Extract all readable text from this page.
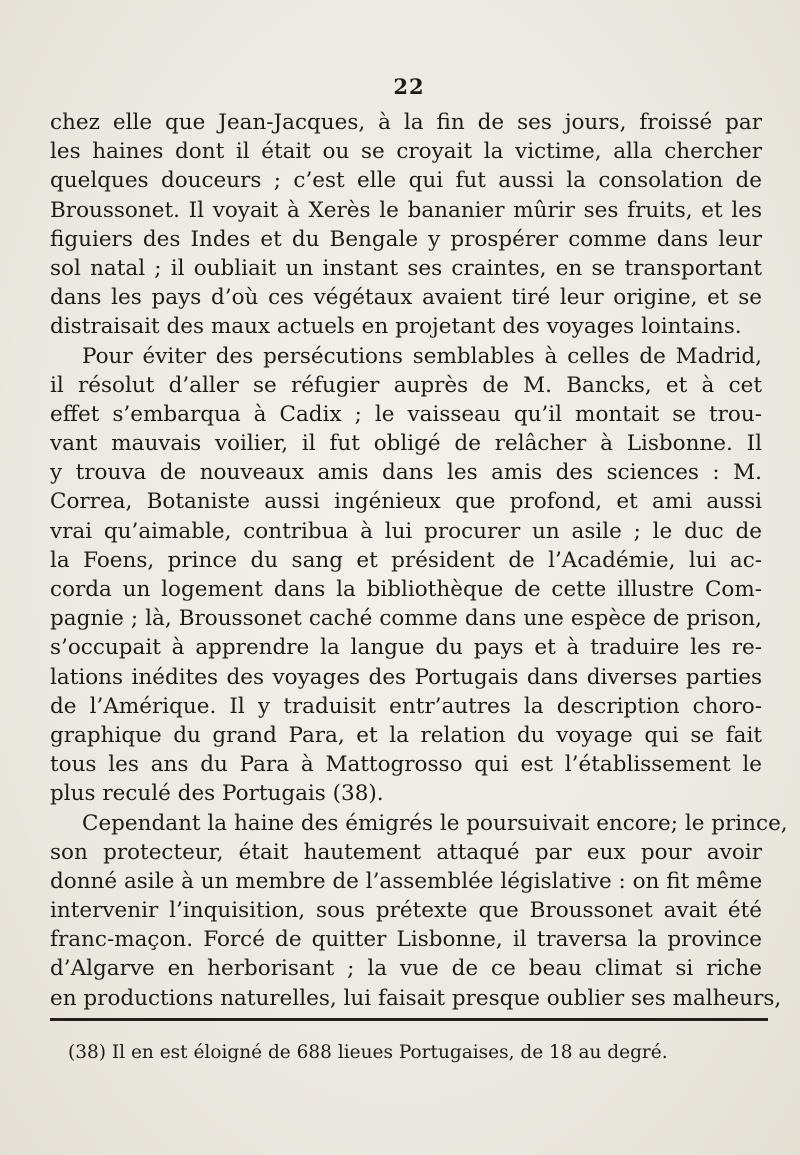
22
chez elle que Jean-Jacques, à la fin de ses jours, froissé par
les haines dont il était ou se croyait la victime, alla chercher
quelques douceurs ; c’est elle qui fut aussi la consolation de
Broussonet. Il voyait à Xerès le bananier mûrir ses fruits, et les
figuiers des Indes et du Bengale y prospérer comme dans leur
sol natal ; il oubliait un instant ses craintes, en se transportant
dans les pays d’où ces végétaux avaient tiré leur origine, et se
distraisait des maux actuels en projetant des voyages lointains.
Pour éviter des persécutions semblables à celles de Madrid,
il résolut d’aller se réfugier auprès de M. Bancks, et à cet
effet s’embarqua à Cadix ; le vaisseau qu’il montait se trou-
vant mauvais voilier, il fut obligé de relâcher à Lisbonne. Il
y trouva de nouveaux amis dans les amis des sciences : M.
Correa, Botaniste aussi ingénieux que profond, et ami aussi
vrai qu’aimable, contribua à lui procurer un asile ; le duc de
la Foens, prince du sang et président de l’Académie, lui ac-
corda un logement dans la bibliothèque de cette illustre Com-
pagnie ; là, Broussonet caché comme dans une espèce de prison,
s’occupait à apprendre la langue du pays et à traduire les re-
lations inédites des voyages des Portugais dans diverses parties
de l’Amérique. Il y traduisit entr’autres la description choro-
graphique du grand Para, et la relation du voyage qui se fait
tous les ans du Para à Mattogrosso qui est l’établissement le
plus reculé des Portugais (38).
Cependant la haine des émigrés le poursuivait encore; le prince,
son protecteur, était hautement attaqué par eux pour avoir
donné asile à un membre de l’assemblée législative : on fit même
intervenir l’inquisition, sous prétexte que Broussonet avait été
franc-maçon. Forcé de quitter Lisbonne, il traversa la province
d’Algarve en herborisant ; la vue de ce beau climat si riche
en productions naturelles, lui faisait presque oublier ses malheurs,
(38) Il en est éloigné de 688 lieues Portugaises, de 18 au degré.
